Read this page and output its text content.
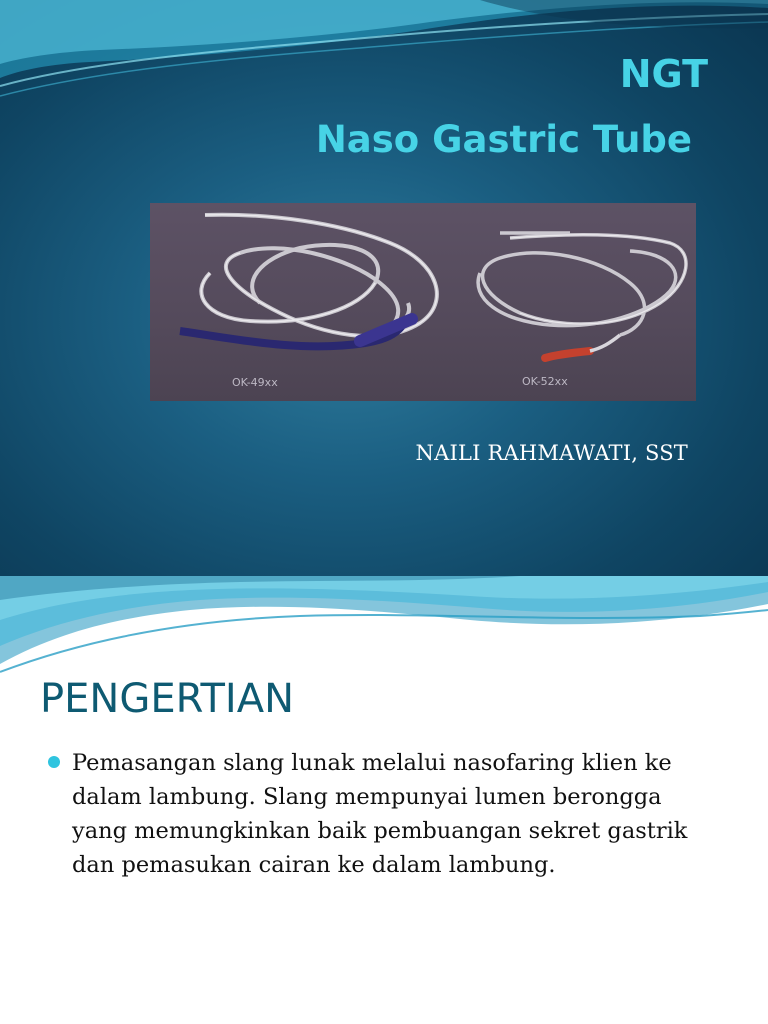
NGT
Naso Gastric Tube
OK-49xx	OK-52xx
NAILI RAHMAWATI, SST
PENGERTIAN
Pemasangan slang lunak melalui nasofaring klien ke
dalam lambung. Slang mempunyai lumen berongga
yang memungkinkan baik pembuangan sekret gastrik
dan pemasukan cairan ke dalam lambung.
